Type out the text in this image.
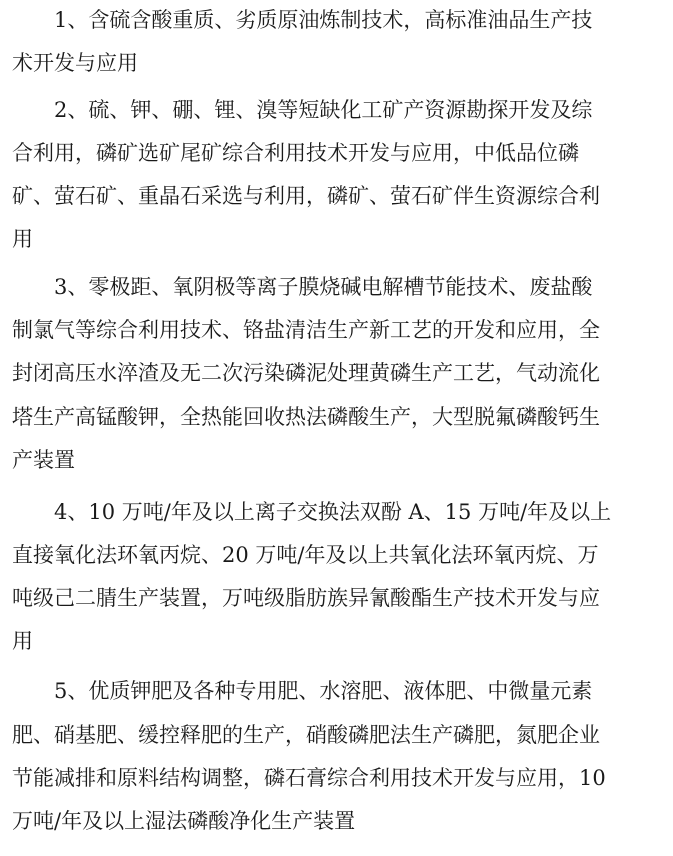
1、含硫含酸重质、劣质原油炼制技术，高标准油品生产技
术开发与应用
2、硫、钾、硼、锂、溴等短缺化工矿产资源勘探开发及综
合利用，磷矿选矿尾矿综合利用技术开发与应用，中低品位磷
矿、萤石矿、重晶石采选与利用，磷矿、萤石矿伴生资源综合利
用
3、零极距、氧阴极等离子膜烧碱电解槽节能技术、废盐酸
制氯气等综合利用技术、铬盐清洁生产新工艺的开发和应用，全
封闭高压水淬渣及无二次污染磷泥处理黄磷生产工艺，气动流化
塔生产高锰酸钾，全热能回收热法磷酸生产，大型脱氟磷酸钙生
产装置
4、10 万吨/年及以上离子交换法双酚 A、15 万吨/年及以上
直接氧化法环氧丙烷、20 万吨/年及以上共氧化法环氧丙烷、万
吨级己二腈生产装置，万吨级脂肪族异氰酸酯生产技术开发与应
用
5、优质钾肥及各种专用肥、水溶肥、液体肥、中微量元素
肥、硝基肥、缓控释肥的生产，硝酸磷肥法生产磷肥，氮肥企业
节能减排和原料结构调整，磷石膏综合利用技术开发与应用，10
万吨/年及以上湿法磷酸净化生产装置
